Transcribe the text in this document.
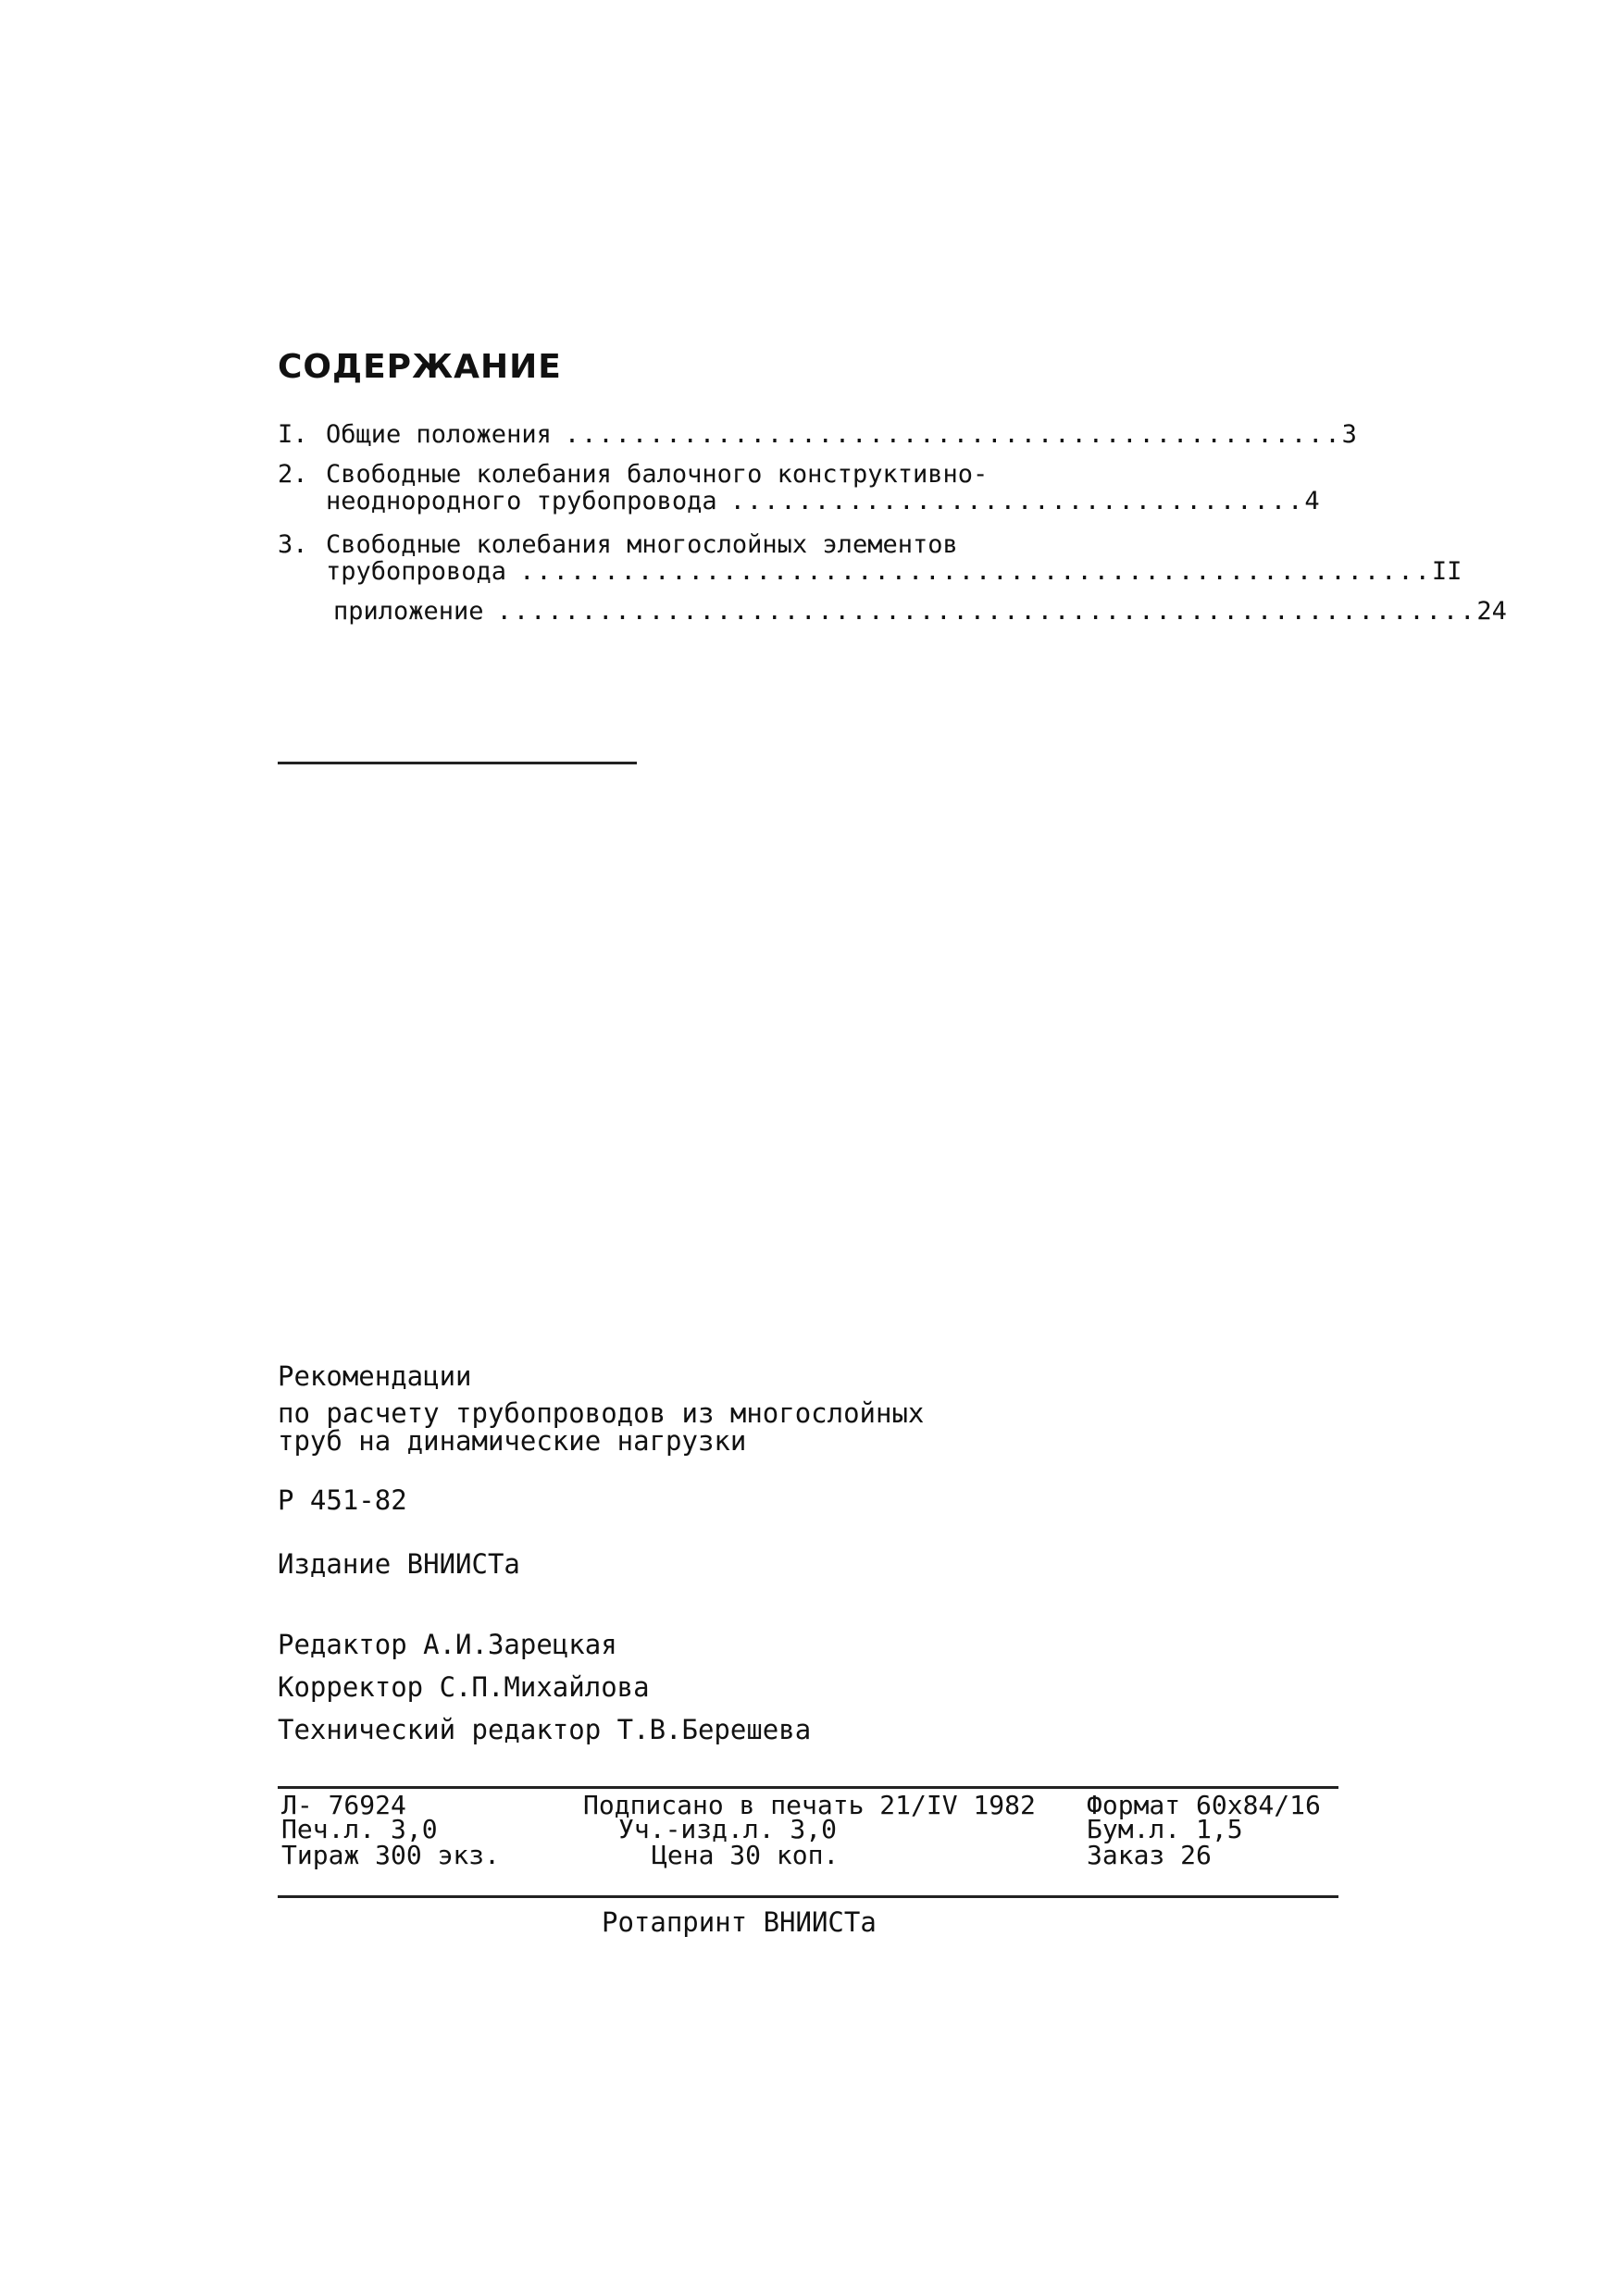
СОДЕРЖАНИЕ
I. Общие положения .............................................. 3
2. Свободные колебания балочного конструктивно-
неоднородного трубопровода .................................. 4
3. Свободные колебания многослойных элементов
трубопровода ...................................................... II
приложение .......................................................... 24
Рекомендации
по расчету трубопроводов из многослойных
труб на динамические нагрузки
Р 451-82
Издание ВНИИСТа
Редактор А.И.Зарецкая
Корректор С.П.Михайлова
Технический редактор Т.В.Берешева
Л- 76924
Печ.л. 3,0
Тираж 300 экз.
Подписано в печать 21/IV 1982
Уч.-изд.л. 3,0
Цена 30 коп.
Формат 60x84/16
Бум.л. 1,5
Заказ 26
Ротапринт ВНИИСТа
